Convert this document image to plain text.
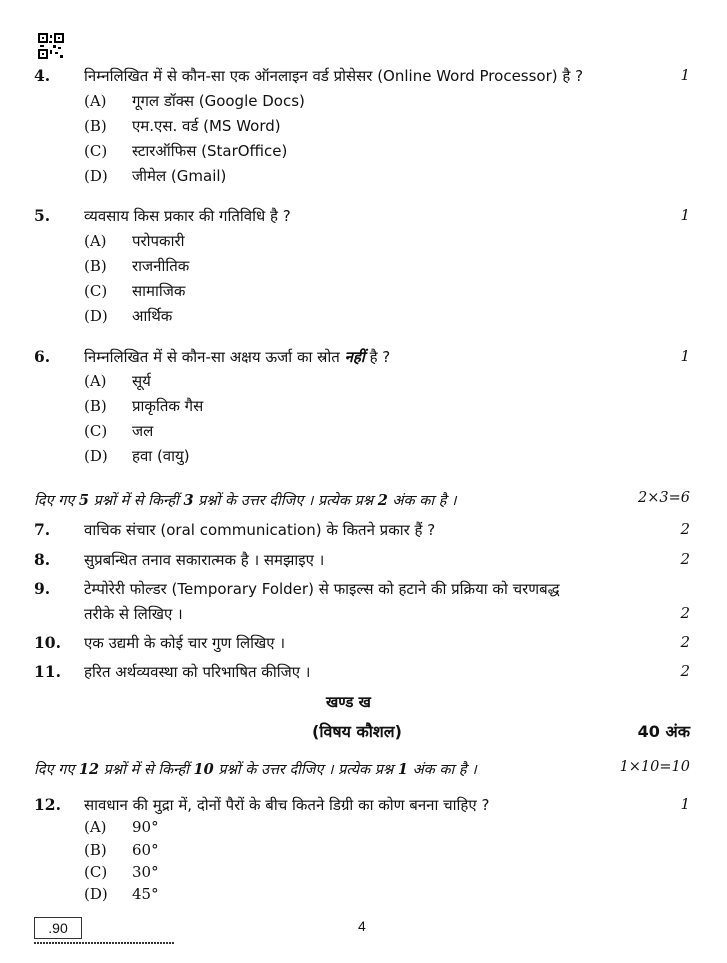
4. निम्नलिखित में से कौन-सा एक ऑनलाइन वर्ड प्रोसेसर (Online Word Processor) है ?	1
(A) गूगल डॉक्स (Google Docs)
(B) एम.एस. वर्ड (MS Word)
(C) स्टारऑफिस (StarOffice)
(D) जीमेल (Gmail)
5. व्यवसाय किस प्रकार की गतिविधि है ?	1
(A) परोपकारी
(B) राजनीतिक
(C) सामाजिक
(D) आर्थिक
6. निम्नलिखित में से कौन-सा अक्षय ऊर्जा का स्रोत नहीं है ?	1
(A) सूर्य
(B) प्राकृतिक गैस
(C) जल
(D) हवा (वायु)
दिए गए 5 प्रश्नों में से किन्हीं 3 प्रश्नों के उत्तर दीजिए । प्रत्येक प्रश्न 2 अंक का है ।	2×3=6
7. वाचिक संचार (oral communication) के कितने प्रकार हैं ?	2
8. सुप्रबन्धित तनाव सकारात्मक है । समझाइए ।	2
9. टेम्पोरेरी फोल्डर (Temporary Folder) से फाइल्स को हटाने की प्रक्रिया को चरणबद्ध
तरीके से लिखिए ।	2
10. एक उद्यमी के कोई चार गुण लिखिए ।	2
11. हरित अर्थव्यवस्था को परिभाषित कीजिए ।	2
खण्ड ख
(विषय कौशल)	40 अंक
दिए गए 12 प्रश्नों में से किन्हीं 10 प्रश्नों के उत्तर दीजिए । प्रत्येक प्रश्न 1 अंक का है ।	1×10=10
12. सावधान की मुद्रा में, दोनों पैरों के बीच कितने डिग्री का कोण बनना चाहिए ?	1
(A) 90°
(B) 60°
(C) 30°
(D) 45°
.90	4
